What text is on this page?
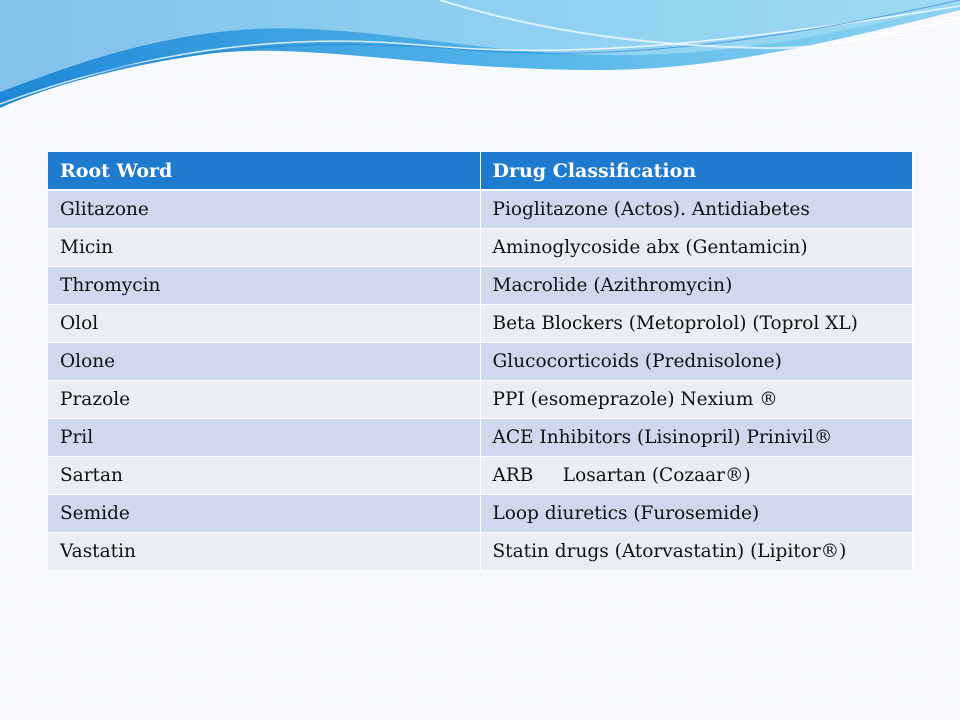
Root Word	Drug Classification
Glitazone	Pioglitazone (Actos). Antidiabetes
Micin	Aminoglycoside abx (Gentamicin)
Thromycin	Macrolide (Azithromycin)
Olol	Beta Blockers (Metoprolol) (Toprol XL)
Olone	Glucocorticoids (Prednisolone)
Prazole	PPI (esomeprazole) Nexium ®
Pril	ACE Inhibitors (Lisinopril) Prinivil®
Sartan	ARB     Losartan (Cozaar®)
Semide	Loop diuretics (Furosemide)
Vastatin	Statin drugs (Atorvastatin) (Lipitor®)
